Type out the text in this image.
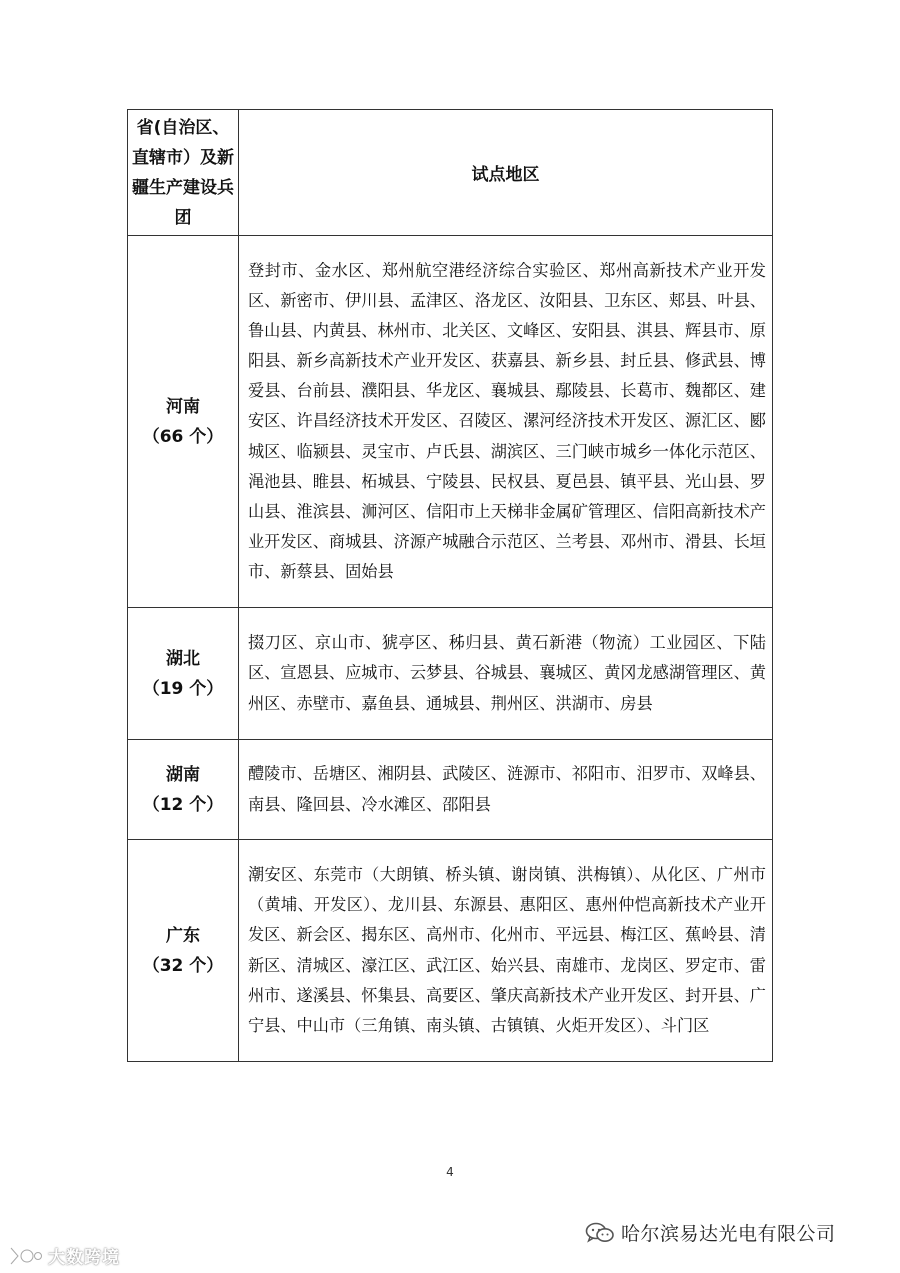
省(自治区、直辖市）及新疆生产建设兵团	试点地区

河南
（66 个）	登封市、金水区、郑州航空港经济综合实验区、郑州高新技术产业开发区、新密市、伊川县、孟津区、洛龙区、汝阳县、卫东区、郏县、叶县、鲁山县、内黄县、林州市、北关区、文峰区、安阳县、淇县、辉县市、原阳县、新乡高新技术产业开发区、获嘉县、新乡县、封丘县、修武县、博爱县、台前县、濮阳县、华龙区、襄城县、鄢陵县、长葛市、魏都区、建安区、许昌经济技术开发区、召陵区、漯河经济技术开发区、源汇区、郾城区、临颍县、灵宝市、卢氏县、湖滨区、三门峡市城乡一体化示范区、渑池县、睢县、柘城县、宁陵县、民权县、夏邑县、镇平县、光山县、罗山县、淮滨县、浉河区、信阳市上天梯非金属矿管理区、信阳高新技术产业开发区、商城县、济源产城融合示范区、兰考县、邓州市、滑县、长垣市、新蔡县、固始县

湖北
（19 个）	掇刀区、京山市、猇亭区、秭归县、黄石新港（物流）工业园区、下陆区、宣恩县、应城市、云梦县、谷城县、襄城区、黄冈龙感湖管理区、黄州区、赤壁市、嘉鱼县、通城县、荆州区、洪湖市、房县

湖南
（12 个）	醴陵市、岳塘区、湘阴县、武陵区、涟源市、祁阳市、汨罗市、双峰县、南县、隆回县、冷水滩区、邵阳县

广东
（32 个）	潮安区、东莞市（大朗镇、桥头镇、谢岗镇、洪梅镇）、从化区、广州市（黄埔、开发区）、龙川县、东源县、惠阳区、惠州仲恺高新技术产业开发区、新会区、揭东区、高州市、化州市、平远县、梅江区、蕉岭县、清新区、清城区、濠江区、武江区、始兴县、南雄市、龙岗区、罗定市、雷州市、遂溪县、怀集县、高要区、肇庆高新技术产业开发区、封开县、广宁县、中山市（三角镇、南头镇、古镇镇、火炬开发区）、斗门区
4
哈尔滨易达光电有限公司
大数跨境
